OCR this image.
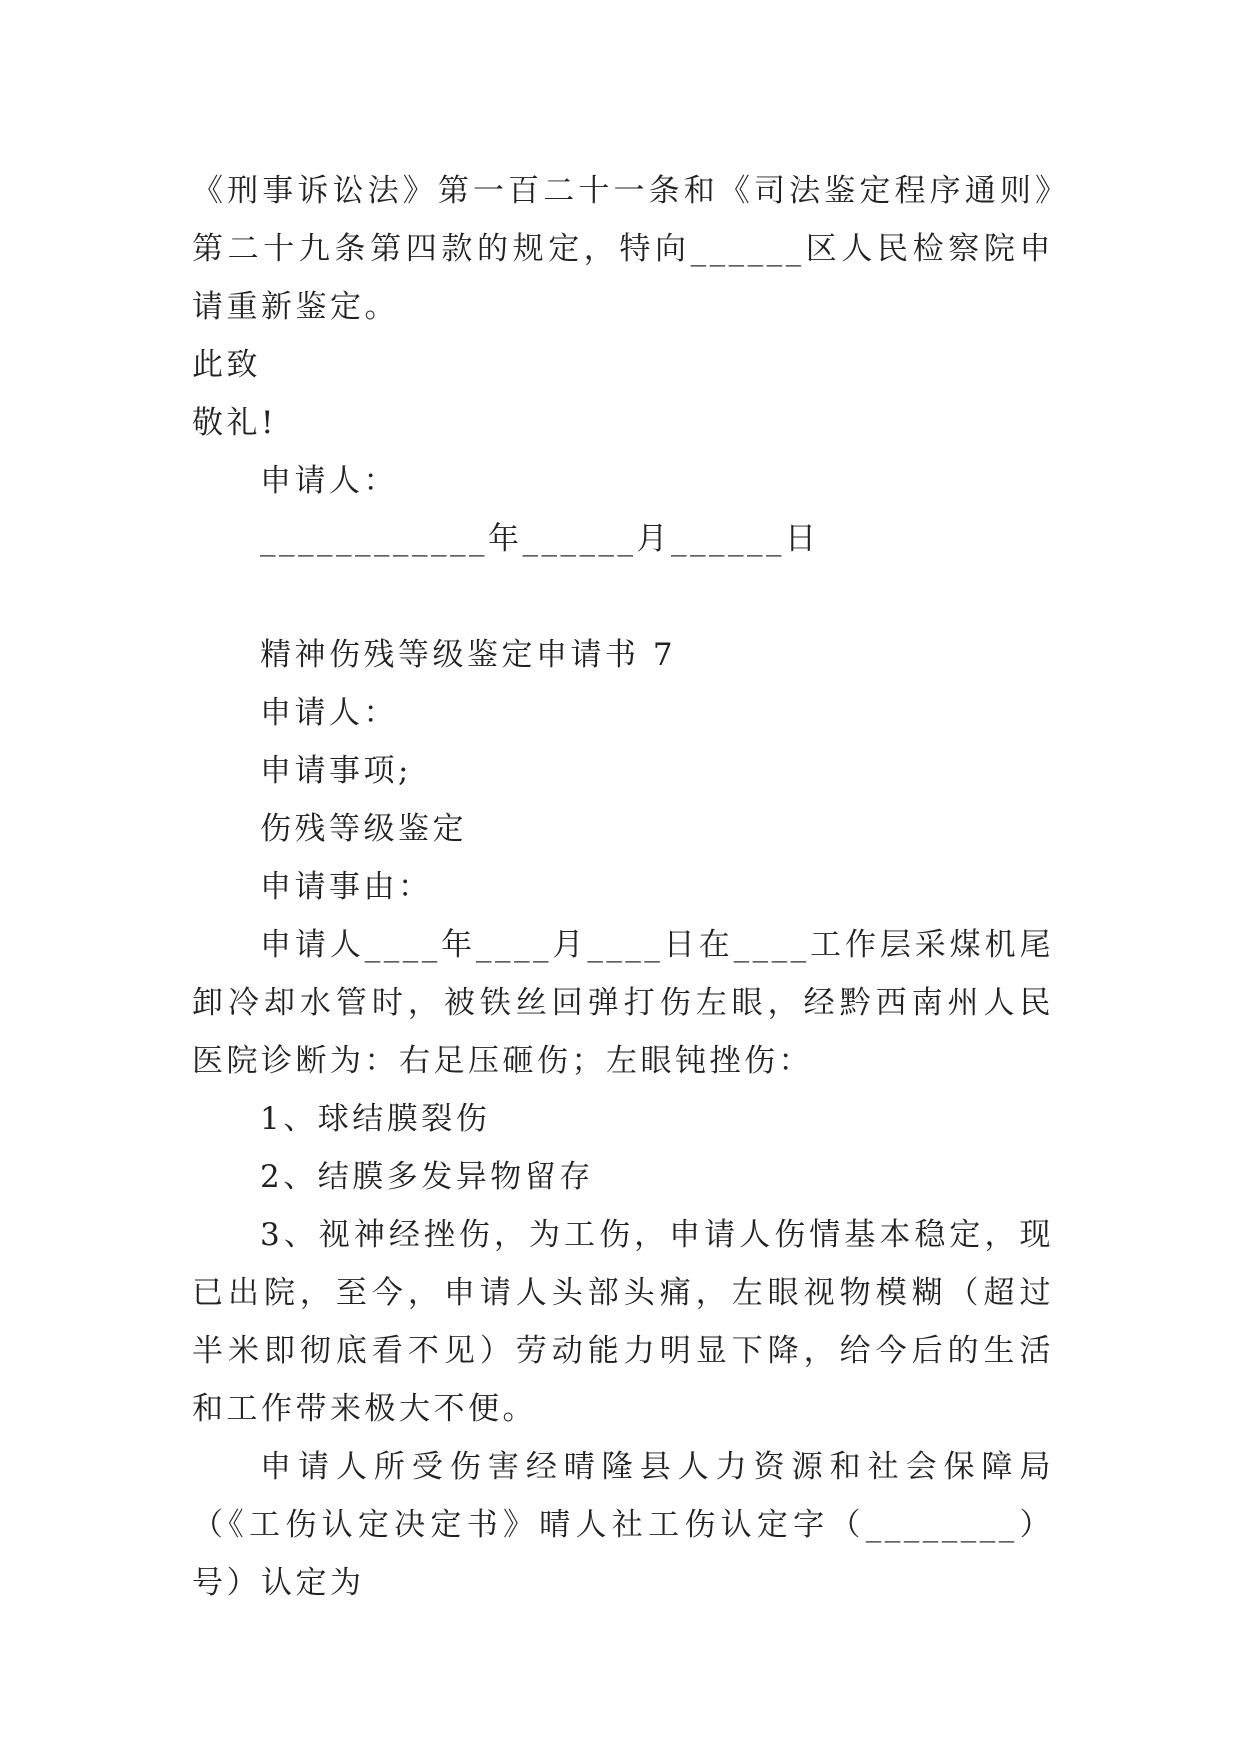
《刑事诉讼法》第一百二十一条和《司法鉴定程序通则》第二十九条第四款的规定，特向______区人民检察院申请重新鉴定。

此致

敬礼!

申请人：

____________年______月______日

精神伤残等级鉴定申请书 7

申请人：

申请事项;

伤残等级鉴定

申请事由：

申请人____年____月____日在____工作层采煤机尾卸冷却水管时，被铁丝回弹打伤左眼，经黔西南州人民医院诊断为：右足压砸伤；左眼钝挫伤：

1、球结膜裂伤

2、结膜多发异物留存

3、视神经挫伤，为工伤，申请人伤情基本稳定，现已出院，至今，申请人头部头痛，左眼视物模糊（超过半米即彻底看不见）劳动能力明显下降，给今后的生活和工作带来极大不便。

申请人所受伤害经晴隆县人力资源和社会保障局（《工伤认定决定书》晴人社工伤认定字（________）号）认定为
